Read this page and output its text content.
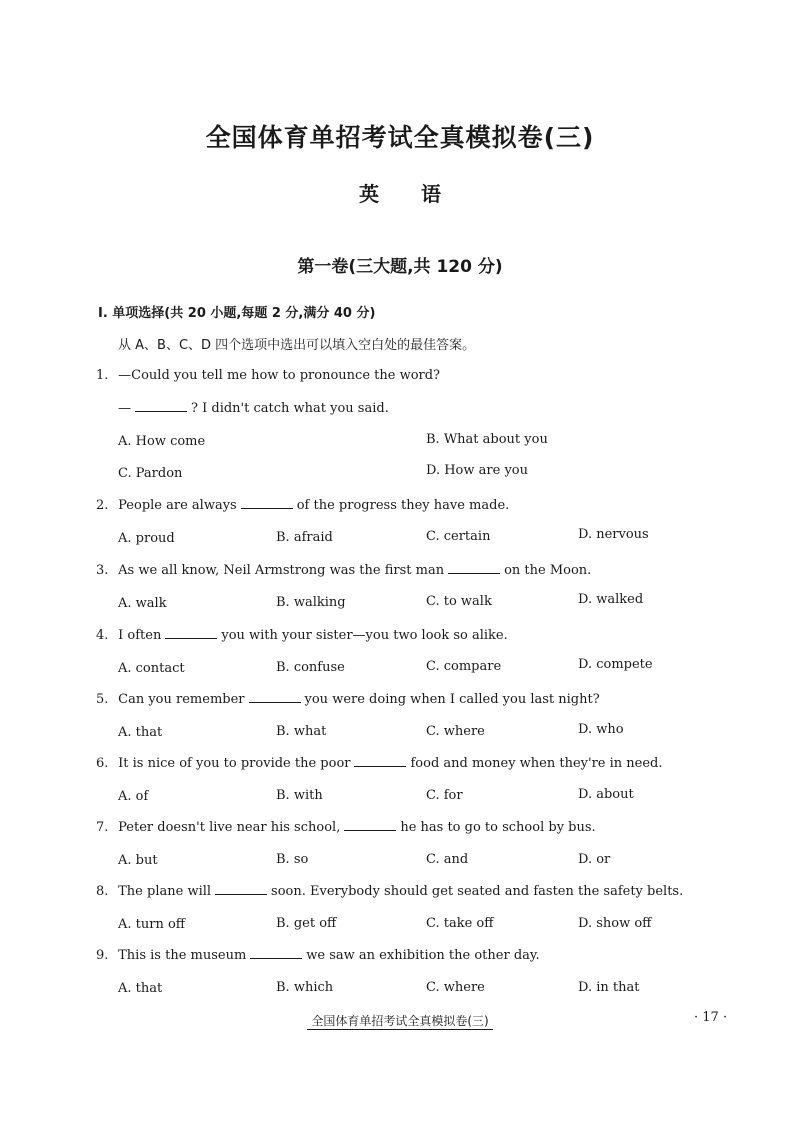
全国体育单招考试全真模拟卷(三)
英语
第一卷(三大题,共 120 分)
Ⅰ. 单项选择(共 20 小题,每题 2 分,满分 40 分)
从 A、B、C、D 四个选项中选出可以填入空白处的最佳答案。
1. —Could you tell me how to pronounce the word?
—	? I didn't catch what you said.
A. How come	B. What about you
C. Pardon	D. How are you
2. People are always	of the progress they have made.
A. proud	B. afraid	C. certain	D. nervous
3. As we all know, Neil Armstrong was the first man	on the Moon.
A. walk	B. walking	C. to walk	D. walked
4. I often	you with your sister—you two look so alike.
A. contact	B. confuse	C. compare	D. compete
5. Can you remember	you were doing when I called you last night?
A. that	B. what	C. where	D. who
6. It is nice of you to provide the poor	food and money when they're in need.
A. of	B. with	C. for	D. about
7. Peter doesn't live near his school,	he has to go to school by bus.
A. but	B. so	C. and	D. or
8. The plane will	soon. Everybody should get seated and fasten the safety belts.
A. turn off	B. get off	C. take off	D. show off
9. This is the museum	we saw an exhibition the other day.
A. that	B. which	C. where	D. in that
全国体育单招考试全真模拟卷(三)	· 17 ·
